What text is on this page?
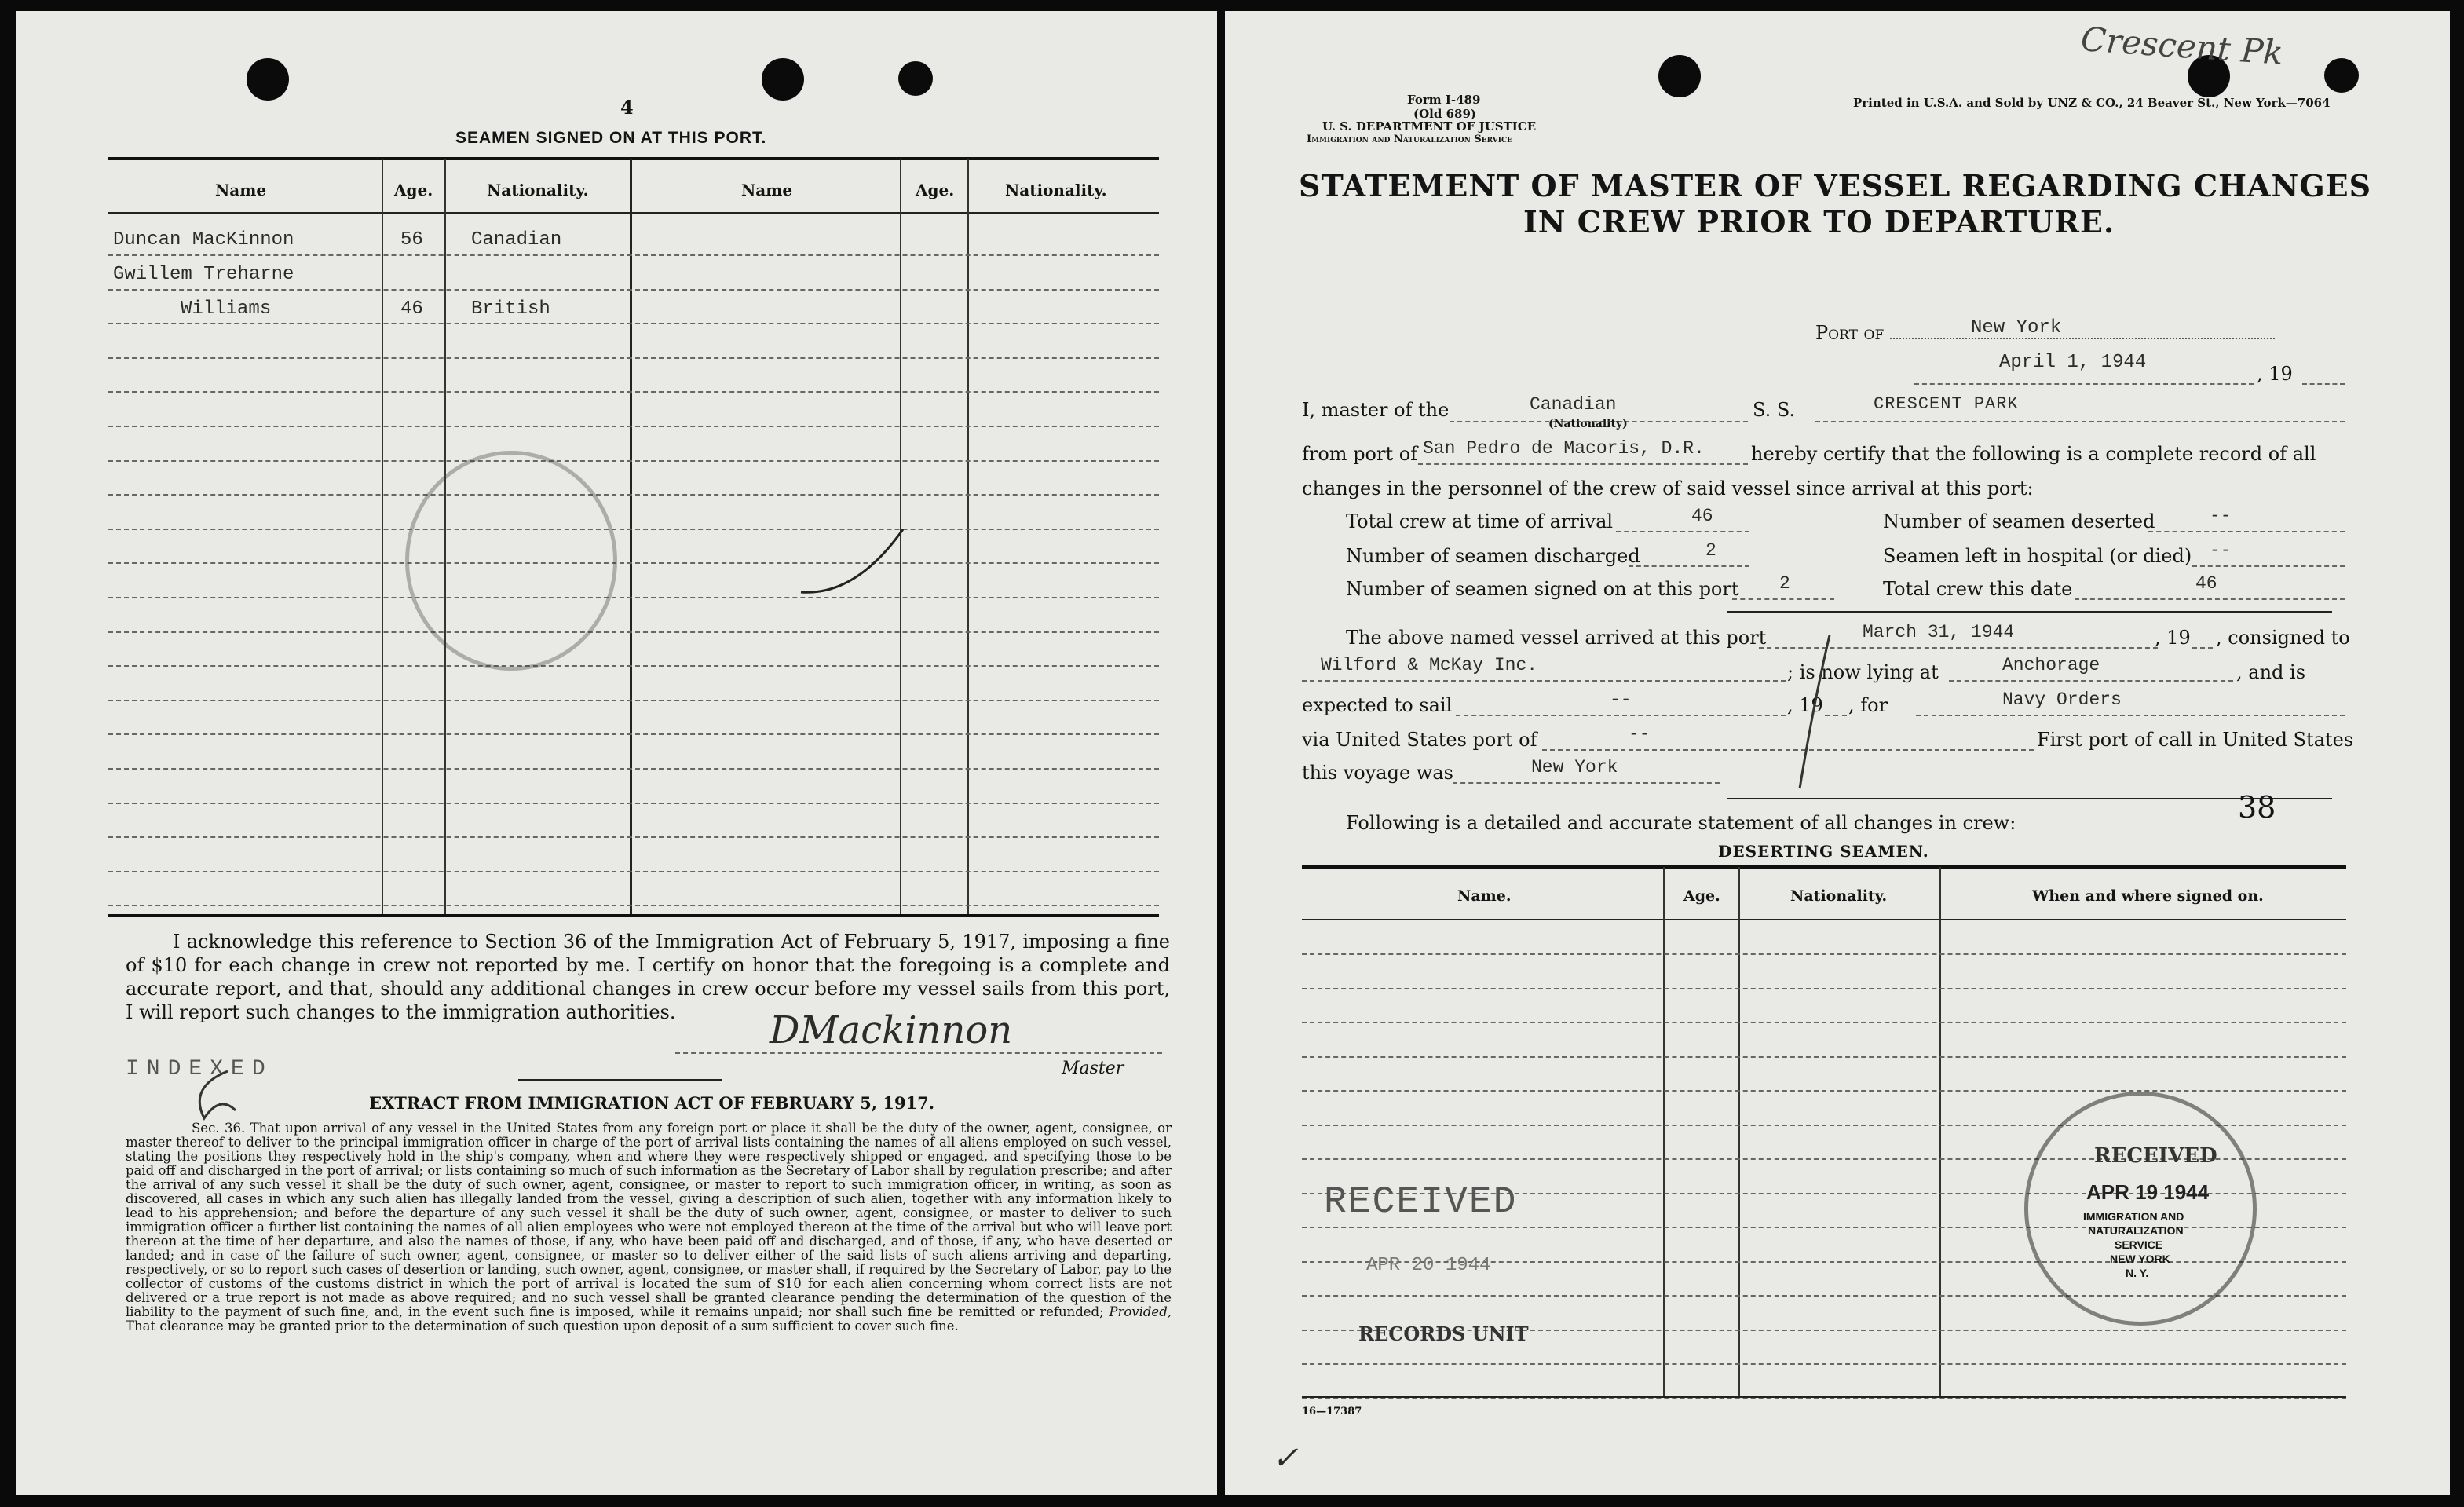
4
SEAMEN SIGNED ON AT THIS PORT.
Name	Age.	Nationality.	Name	Age.	Nationality.
Duncan MacKinnon	56	Canadian
Gwillem Treharne
Williams	46	British
I acknowledge this reference to Section 36 of the Immigration Act of February 5, 1917, imposing a fine of $10 for each change in crew not reported by me. I certify on honor that the foregoing is a complete and accurate report, and that, should any additional changes in crew occur before my vessel sails from this port, I will report such changes to the immigration authorities.	DMackinnon
Master
INDEXED
EXTRACT FROM IMMIGRATION ACT OF FEBRUARY 5, 1917.
Sec. 36. That upon arrival of any vessel in the United States from any foreign port or place it shall be the duty of the owner, agent, consignee, or master thereof to deliver to the principal immigration officer in charge of the port of arrival lists containing the names of all aliens employed on such vessel, stating the positions they respectively hold in the ship's company, when and where they were respectively shipped or engaged, and specifying those to be paid off and discharged in the port of arrival; or lists containing so much of such information as the Secretary of Labor shall by regulation prescribe; and after the arrival of any such vessel it shall be the duty of such owner, agent, consignee, or master to report to such immigration officer, in writing, as soon as discovered, all cases in which any such alien has illegally landed from the vessel, giving a description of such alien, together with any information likely to lead to his apprehension; and before the departure of any such vessel it shall be the duty of such owner, agent, consignee, or master to deliver to such immigration officer a further list containing the names of all alien employees who were not employed thereon at the time of the arrival but who will leave port thereon at the time of her departure, and also the names of those, if any, who have been paid off and discharged, and of those, if any, who have deserted or landed; and in case of the failure of such owner, agent, consignee, or master so to deliver either of the said lists of such aliens arriving and departing, respectively, or so to report such cases of desertion or landing, such owner, agent, consignee, or master shall, if required by the Secretary of Labor, pay to the collector of customs of the customs district in which the port of arrival is located the sum of $10 for each alien concerning whom correct lists are not delivered or a true report is not made as above required; and no such vessel shall be granted clearance pending the determination of the question of the liability to the payment of such fine, and, in the event such fine is imposed, while it remains unpaid; nor shall such fine be remitted or refunded; Provided, That clearance may be granted prior to the determination of such question upon deposit of a sum sufficient to cover such fine.
Crescent Pk
Form I-489
(Old 689)
U. S. DEPARTMENT OF JUSTICE
Immigration and Naturalization Service
Printed in U.S.A. and Sold by UNZ & CO., 24 Beaver St., New York—7064
STATEMENT OF MASTER OF VESSEL REGARDING CHANGES
IN CREW PRIOR TO DEPARTURE.
Port of	New York
April 1, 1944
, 19
I, master of the	Canadian
(Nationality)
S. S.	CRESCENT PARK
from port of San Pedro de Macoris, D.R. hereby certify that the following is a complete record of all
changes in the personnel of the crew of said vessel since arrival at this port:
Total crew at time of arrival	46	Number of seamen deserted	--
Number of seamen discharged	2	Seamen left in hospital (or died) --
Number of seamen signed on at this port 2	Total crew this date	46
The above named vessel arrived at this port	March 31, 1944	, 19 , consigned to
Wilford & McKay Inc.	; is now lying at	Anchorage	, and is
expected to sail	--	, 19 , for	Navy Orders
via United States port of	--	First port of call in United States
this voyage was	New York
38
Following is a detailed and accurate statement of all changes in crew:
DESERTING SEAMEN.
Name.	Age.	Nationality.	When and where signed on.
RECEIVED
APR 20 1944
RECORDS UNIT
RECEIVED
APR 19 1944
IMMIGRATION AND
NATURALIZATION
SERVICE
NEW YORK
N. Y.
16—17387
✓
